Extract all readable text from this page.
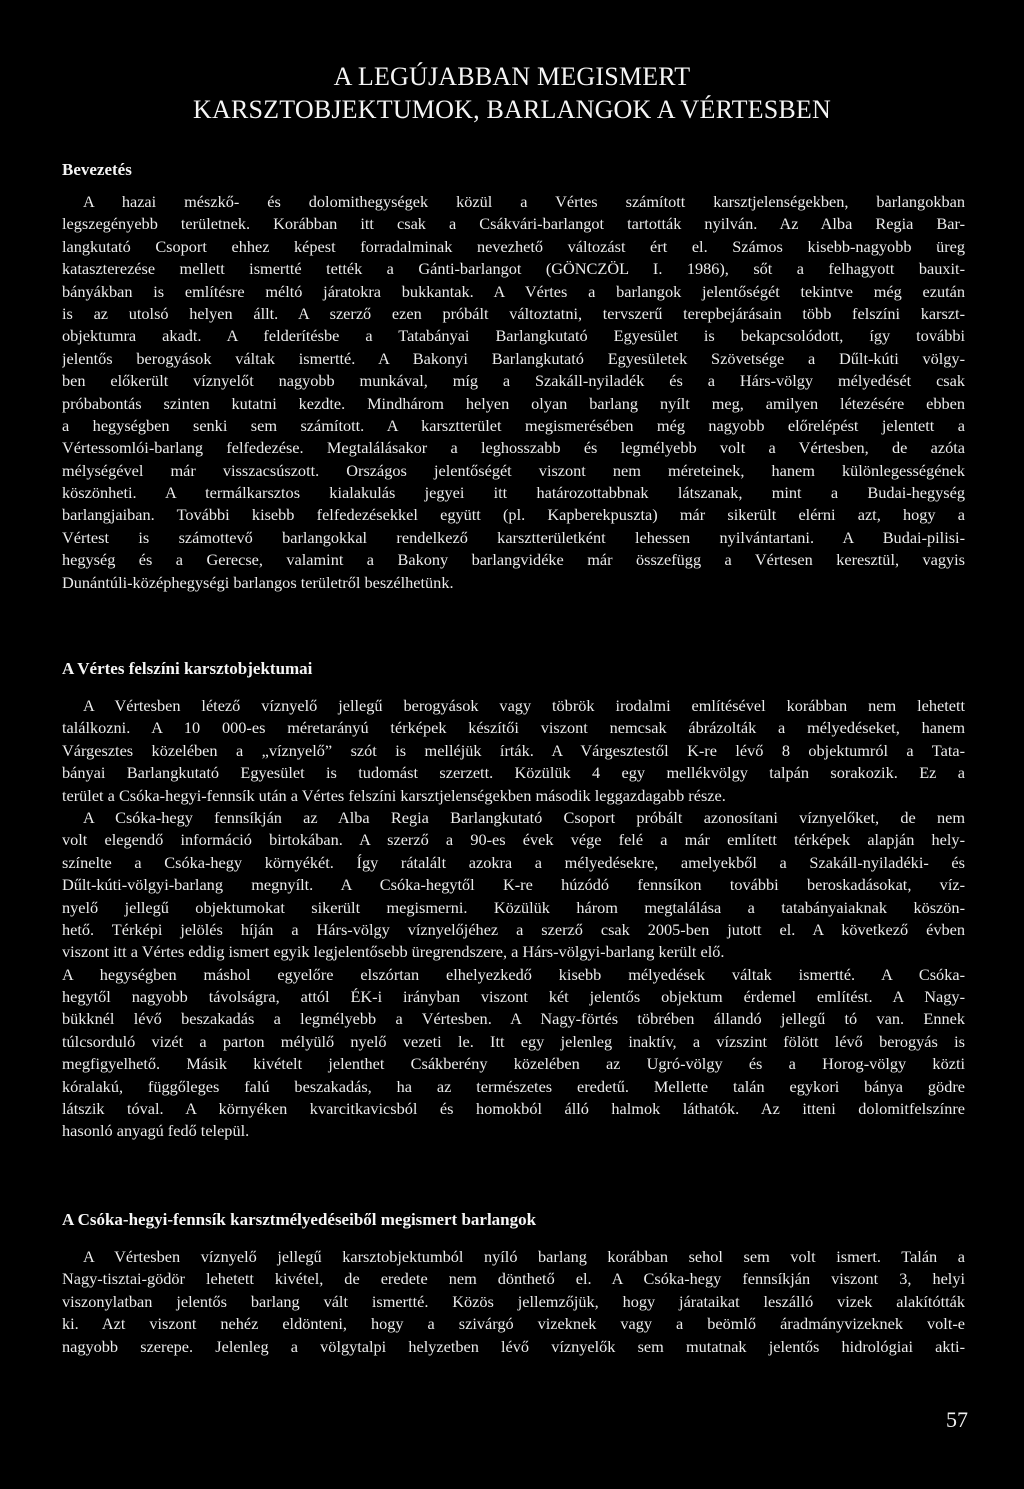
A LEGÚJABBAN MEGISMERT
KARSZTOBJEKTUMOK, BARLANGOK A VÉRTESBEN
Bevezetés
A hazai mészkő- és dolomithegységek közül a Vértes számított karsztjelenségekben, barlangokban
legszegényebb területnek. Korábban itt csak a Csákvári-barlangot tartották nyilván. Az Alba Regia Bar-
langkutató Csoport ehhez képest forradalminak nevezhető változást ért el. Számos kisebb-nagyobb üreg
kataszterezése mellett ismertté tették a Gánti-barlangot (GÖNCZÖL I. 1986), sőt a felhagyott bauxit-
bányákban is említésre méltó járatokra bukkantak. A Vértes a barlangok jelentőségét tekintve még ezután
is az utolsó helyen állt. A szerző ezen próbált változtatni, tervszerű terepbejárásain több felszíni karszt-
objektumra akadt. A felderítésbe a Tatabányai Barlangkutató Egyesület is bekapcsolódott, így további
jelentős berogyások váltak ismertté. A Bakonyi Barlangkutató Egyesületek Szövetsége a Dűlt-kúti völgy-
ben előkerült víznyelőt nagyobb munkával, míg a Szakáll-nyiladék és a Hárs-völgy mélyedését csak
próbabontás szinten kutatni kezdte. Mindhárom helyen olyan barlang nyílt meg, amilyen létezésére ebben
a hegységben senki sem számított. A karsztterület megismerésében még nagyobb előrelépést jelentett a
Vértessomlói-barlang felfedezése. Megtalálásakor a leghosszabb és legmélyebb volt a Vértesben, de azóta
mélységével már visszacsúszott. Országos jelentőségét viszont nem méreteinek, hanem különlegességének
köszönheti. A termálkarsztos kialakulás jegyei itt határozottabbnak látszanak, mint a Budai-hegység
barlangjaiban. További kisebb felfedezésekkel együtt (pl. Kapberekpuszta) már sikerült elérni azt, hogy a
Vértest is számottevő barlangokkal rendelkező karsztterületként lehessen nyilvántartani. A Budai-pilisi-
hegység és a Gerecse, valamint a Bakony barlangvidéke már összefügg a Vértesen keresztül, vagyis
Dunántúli-középhegységi barlangos területről beszélhetünk.
A Vértes felszíni karsztobjektumai
A Vértesben létező víznyelő jellegű berogyások vagy töbrök irodalmi említésével korábban nem lehetett
találkozni. A 10 000-es méretarányú térképek készítői viszont nemcsak ábrázolták a mélyedéseket, hanem
Várgesztes közelében a „víznyelő” szót is melléjük írták. A Várgesztestől K-re lévő 8 objektumról a Tata-
bányai Barlangkutató Egyesület is tudomást szerzett. Közülük 4 egy mellékvölgy talpán sorakozik. Ez a
terület a Csóka-hegyi-fennsík után a Vértes felszíni karsztjelenségekben második leggazdagabb része.
A Csóka-hegy fennsíkján az Alba Regia Barlangkutató Csoport próbált azonosítani víznyelőket, de nem
volt elegendő információ birtokában. A szerző a 90-es évek vége felé a már említett térképek alapján hely-
színelte a Csóka-hegy környékét. Így rátalált azokra a mélyedésekre, amelyekből a Szakáll-nyiladéki- és
Dűlt-kúti-völgyi-barlang megnyílt. A Csóka-hegytől K-re húzódó fennsíkon további beroskadásokat, víz-
nyelő jellegű objektumokat sikerült megismerni. Közülük három megtalálása a tatabányaiaknak köszön-
hető. Térképi jelölés híján a Hárs-völgy víznyelőjéhez a szerző csak 2005-ben jutott el. A következő évben
viszont itt a Vértes eddig ismert egyik legjelentősebb üregrendszere, a Hárs-völgyi-barlang került elő.
A hegységben máshol egyelőre elszórtan elhelyezkedő kisebb mélyedések váltak ismertté. A Csóka-
hegytől nagyobb távolságra, attól ÉK-i irányban viszont két jelentős objektum érdemel említést. A Nagy-
bükknél lévő beszakadás a legmélyebb a Vértesben. A Nagy-förtés töbrében állandó jellegű tó van. Ennek
túlcsorduló vizét a parton mélyülő nyelő vezeti le. Itt egy jelenleg inaktív, a vízszint fölött lévő berogyás is
megfigyelhető. Másik kivételt jelenthet Csákberény közelében az Ugró-völgy és a Horog-völgy közti
kóralakú, függőleges falú beszakadás, ha az természetes eredetű. Mellette talán egykori bánya gödre
látszik tóval. A környéken kvarcitkavicsból és homokból álló halmok láthatók. Az itteni dolomitfelszínre
hasonló anyagú fedő települ.
A Csóka-hegyi-fennsík karsztmélyedéseiből megismert barlangok
A Vértesben víznyelő jellegű karsztobjektumból nyíló barlang korábban sehol sem volt ismert. Talán a
Nagy-tisztai-gödör lehetett kivétel, de eredete nem dönthető el. A Csóka-hegy fennsíkján viszont 3, helyi
viszonylatban jelentős barlang vált ismertté. Közös jellemzőjük, hogy járataikat leszálló vizek alakítótták
ki. Azt viszont nehéz eldönteni, hogy a szivárgó vizeknek vagy a beömlő áradmányvizeknek volt-e
nagyobb szerepe. Jelenleg a völgytalpi helyzetben lévő víznyelők sem mutatnak jelentős hidrológiai akti-
57
